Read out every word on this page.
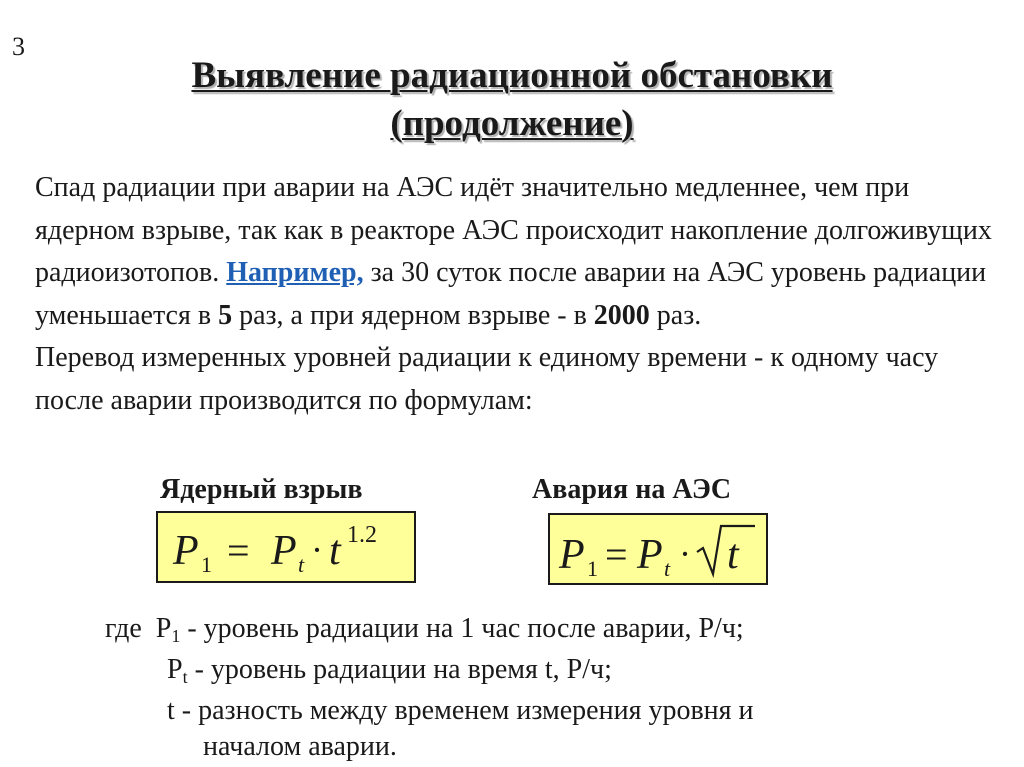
3
Выявление радиационной обстановки
(продолжение)

Спад радиации при аварии на АЭС идёт значительно медленнее, чем при ядерном взрыве, так как в реакторе АЭС происходит накопление долгоживущих радиоизотопов. Например, за 30 суток после аварии на АЭС уровень радиации уменьшается в 5 раз, а при ядерном взрыве - в 2000 раз.

Перевод измеренных уровней радиации к единому времени - к одному часу после аварии производится по формулам:

Ядерный взрыв	Авария на АЭС
P 1 = P t · t 1.2	P 1 = P t · t
где $P_1$ - уровень радиации на 1 час после аварии, Р/ч;
$P_t$ - уровень радиации на время t, Р/ч;
t - разность между временем измерения уровня и
началом аварии.
